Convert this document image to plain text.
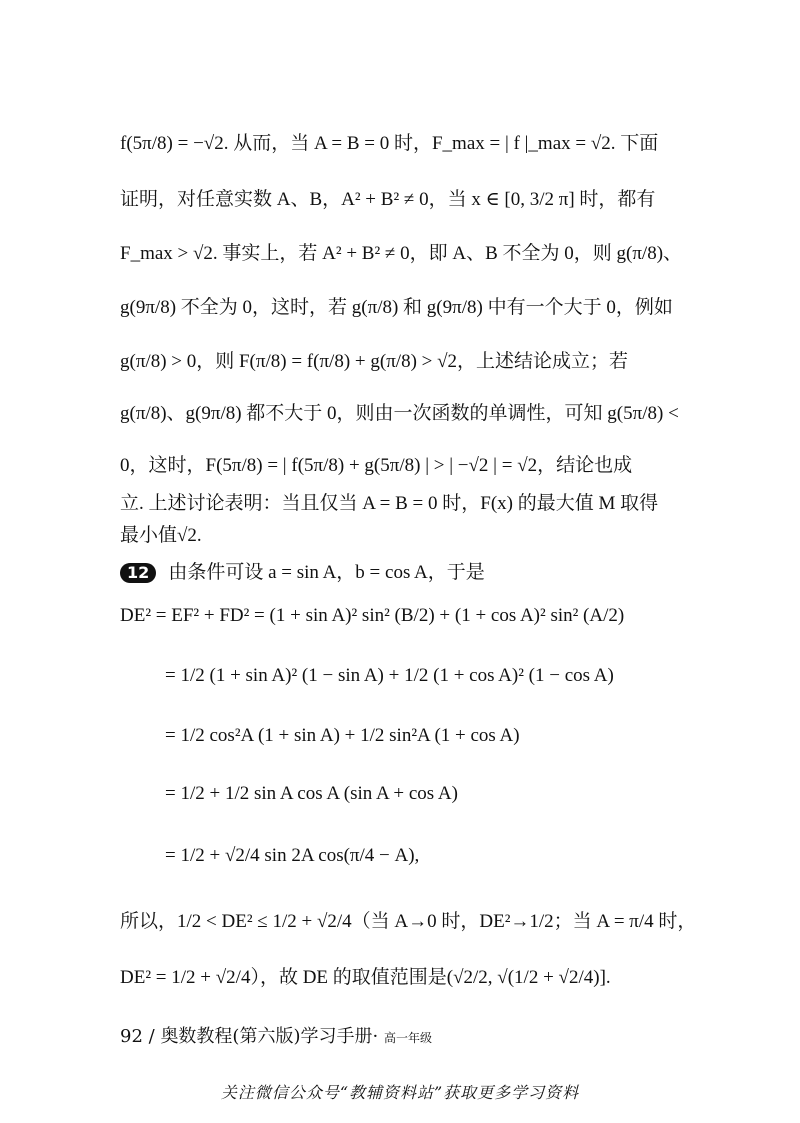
f(5π/8) = −√2. 从而，当 A = B = 0 时，F_max = | f |_max = √2. 下面
证明，对任意实数 A、B，A² + B² ≠ 0，当 x ∈ [0, 3/2 π] 时，都有
F_max > √2. 事实上，若 A² + B² ≠ 0，即 A、B 不全为 0，则 g(π/8)、
g(9π/8) 不全为 0，这时，若 g(π/8) 和 g(9π/8) 中有一个大于 0，例如
g(π/8) > 0，则 F(π/8) = f(π/8) + g(π/8) > √2，上述结论成立；若
g(π/8)、g(9π/8) 都不大于 0，则由一次函数的单调性，可知 g(5π/8) <
0，这时，F(5π/8) = | f(5π/8) + g(5π/8) | > | −√2 | = √2，结论也成
立. 上述讨论表明：当且仅当 A = B = 0 时，F(x) 的最大值 M 取得
最小值√2.
12 由条件可设 a = sin A，b = cos A，于是
DE² = EF² + FD² = (1 + sin A)² sin² (B/2) + (1 + cos A)² sin² (A/2)
= 1/2 (1 + sin A)² (1 − sin A) + 1/2 (1 + cos A)² (1 − cos A)
= 1/2 cos²A (1 + sin A) + 1/2 sin²A (1 + cos A)
= 1/2 + 1/2 sin A cos A (sin A + cos A)
= 1/2 + √2/4 sin 2A cos(π/4 − A),
所以，1/2 < DE² ≤ 1/2 + √2/4（当 A→0 时，DE²→1/2；当 A = π/4 时，
DE² = 1/2 + √2/4），故 DE 的取值范围是(√2/2, √(1/2 + √2/4)].
92 / 奥数教程(第六版)学习手册· 高一年级
关注微信公众号“教辅资料站”获取更多学习资料
